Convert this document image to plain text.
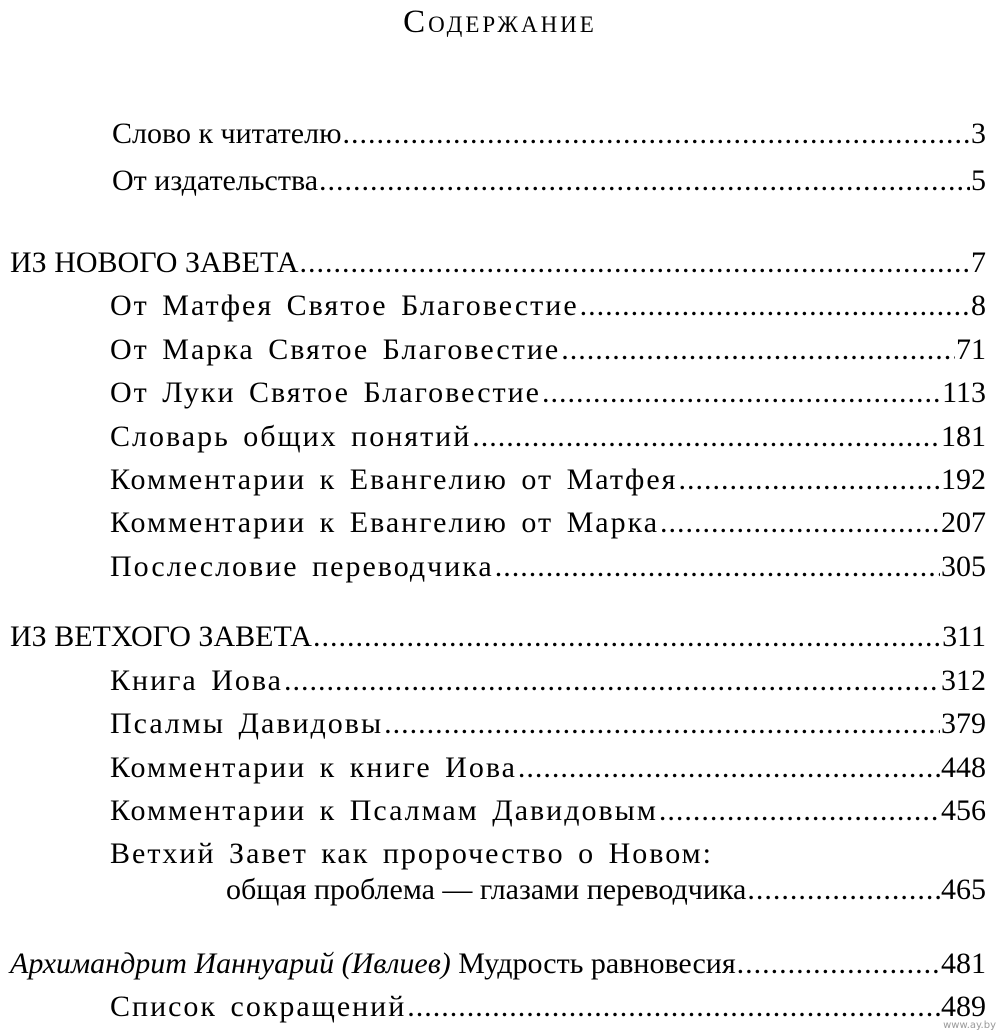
Содержание
Слово к читателю .....	3
От издательства .....	5
ИЗ НОВОГО ЗАВЕТА .....	7
От Матфея Святое Благовестие .....	8
От Марка Святое Благовестие .....	71
От Луки Святое Благовестие .....	113
Словарь общих понятий .....	181
Комментарии к Евангелию от Матфея .....	192
Комментарии к Евангелию от Марка .....	207
Послесловие переводчика .....	305
ИЗ ВЕТХОГО ЗАВЕТА .....	311
Книга Иова .....	312
Псалмы Давидовы .....	379
Комментарии к книге Иова .....	448
Комментарии к Псалмам Давидовым .....	456
Ветхий Завет как пророчество о Новом:
общая проблема — глазами переводчика .....	465
Архимандрит Ианнуарий (Ивлиев) Мудрость равновесия .....	481
Список сокращений .....	489
www.ay.by
